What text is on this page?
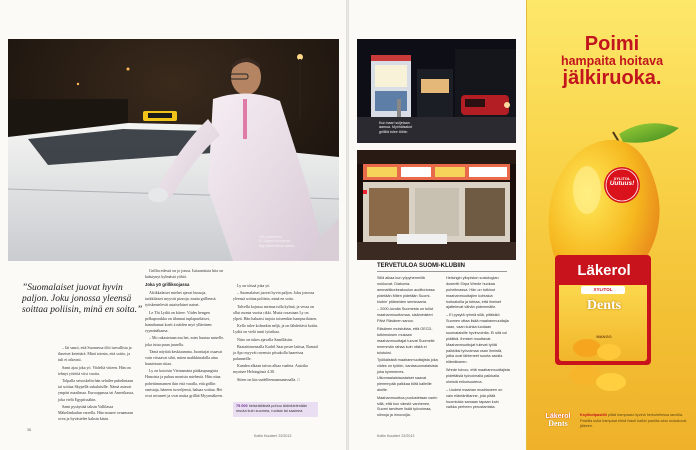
Yön pääteeksi
El Sayed Abouzeya
käy pesemässä taksin.
Kun baari suljetaan
aamua. Myöhäisakot
grillillä tulee töihin
”Suomalaiset juovat hyvin paljon. Joku jonossa yleensä soittaa poliisin, minä en soita.”

– Iäi sanoi, että Suomessa ölöi turvallista ja ilmeiset ketettärä. Minä totesin, että soitto, ja tuli ei oikeasti.

Sami ajaa joka yö. Viideltä viiteen. Hän on tehnyt yötöitä viisi vuotta.

Tolpalla seisoskelin hän selailee puhelintaan tai soittaa Skypellä sukulaisille. Nämä asiavat ympäri maailmaa. Eurooppassa tai Amerikassa, joka vielä Egyptissäkin.

Sami pysäyttää taksin Vallilassa Mäkelänkadun varrella. Hän nousee ovaamaan ovea ja hyvästelee kaksin käsin.

Grillin edessä on jo jonoa. Istiaanisista hiia on käästynyt kylmästä yöhöi.

Joka yö grilliksojassa

Afrikkalaiset miehet ajavat bussoja, turkkilaiset myyvät pizzoja, mutta grilliensä työskentelevät asiaiselaiset naiset.

Le Thi Lydiä on kiiree. Viides hengen pelkaporukka on tilannut tuplapurilaiset, hamahumat koeit ä näiden myö ylläeänen ryyminäkansa.

– Mo rakastetaan mu hei, mies huutaa naiselle, joka istuu puun juurella.

Tämä näyttää keskiaamma. Juonttajat osaavat vain viisaavat sihti, miten mahkkinakilla aina haastetaan riitaa.

Ly on kotoisin Vietnamista pääkaupungista Hanoista ja puhuu monista miehestä. Hän ottaa pohettimmamen ikin että varalla, että grillin omistaja, häneen isoveljensä, haluaa soittaa. Hei ovat arvaneet ja ovat mutta grillää Myyrmäkeen.

Ly on töissä joka yö.

– Suomalaiset juovat hyvin paljon. Joku jonossa yleensä soittaa poliisin, minä en soita.

Talvella kojussa meinaa tulla kylmä, ja vessa on ollut monta vuotta rikki. Mutta rosastaan Ly on ylpeä. Hän haluaisi tarjota toiseenkin hampurilaisen.

Kello tulee kolmekin neljä, ja on lähdettävä kotiin. Lydiä on vielä tunti työaikaa.

Nüro on tukes ajavalla Samilläsiin.

Baztattinsensalla Kadril Saar pesee laittua, Ramial ja Apo myyvät ravensio pitsakolla baareissa palanneille.

Kunden alkaan taivas alkaa vaaleta. Autoiko myaisee Helsinginsä 4.30.

Sitten on kin uudelleenaamunessalla. □

75 000 helsinkiläistä puhuu äidinkielenään muuta kuin suomea, ruotsia tai saamea.
38
Kotiin Kuuden! 22/2013
TERVETULOA SUOMI-KLUBIIN

Sillä aikaa kun yöpyhemeillä nukkuvat, Diakonia-ammattikorkeakoulun auditoriossa pidetään Miten pidetään Suomi-klubin' pitäneiden seminaaria.

– 2000-luvulla Suomesta on tullut maahanmuuttomaa, sisäministeri Päivi Räsänen sanoo.

Räsänen muistuttaa, että OECD-tutkimuksen mukaan maahanmuuttajat tuovat Suomelle enemmän rahaa kuin niistä ei tulotuksi.

Työikäisistä maahanmuuttajista joka viides on työtön, kantasuomalaisista joka kymmenes. Ulkomaalaistaustaiset saavat pienempää palkkaa töitä kalleille aloille.

Maahanmuuttoa puolustetaan usein sillä, että kun väestö vanhenee, Suomi tarvitsee lisää työvoimaa, silmoja ja innovoijia.

Helsingin yliopiston sosiologian dosentti Sirpa Wrede huokaa puheilmassa. Hän on tutkinut maahanmuuttajien kohtaloa hoitoaloilla ja toteaa, että ihmiset ajattelevat vähän pidemmälle.

– Ei pysytä ryhmä sillä, pitäisikö Suomen ottaa lisää maahanmuuttajia vaan, vaan kuinka luodaan suomalaisille hyvinvointia. Ei sitä voi pidätkä. Ihmiset muuttavat. Maahanmuuttujat tulevat työtä palkkiksi työvoimaa osan ihmistä, jotka ovat lähteneet suurta asiolla elämäkseen.

Wrede toivoo, että maahanmuuttajista pidettäisiä työvoimalla paikkalla olmisiä erikoisuutena.

– Uudest maahan muuttaneen on vain elämäntilanne, jota pitää huomioida samaan tapaan kuin vaikka perheen perustamista.

Kotiin Kuuden! 22/2013
Poimi
hampaita hoitava
jälkiruoka.
XYLITOL
Uutuus!
Läkerol
XYLITOL
Dents
MANGO
Läkerol
Dents
Ksylitolipastilli pitää hampaasi hyvinä herkutellessa lanollia. Pastilla sulla hampaat ehkä Nauti kaikki pastilla aina ruukaluvat jälkeen.
